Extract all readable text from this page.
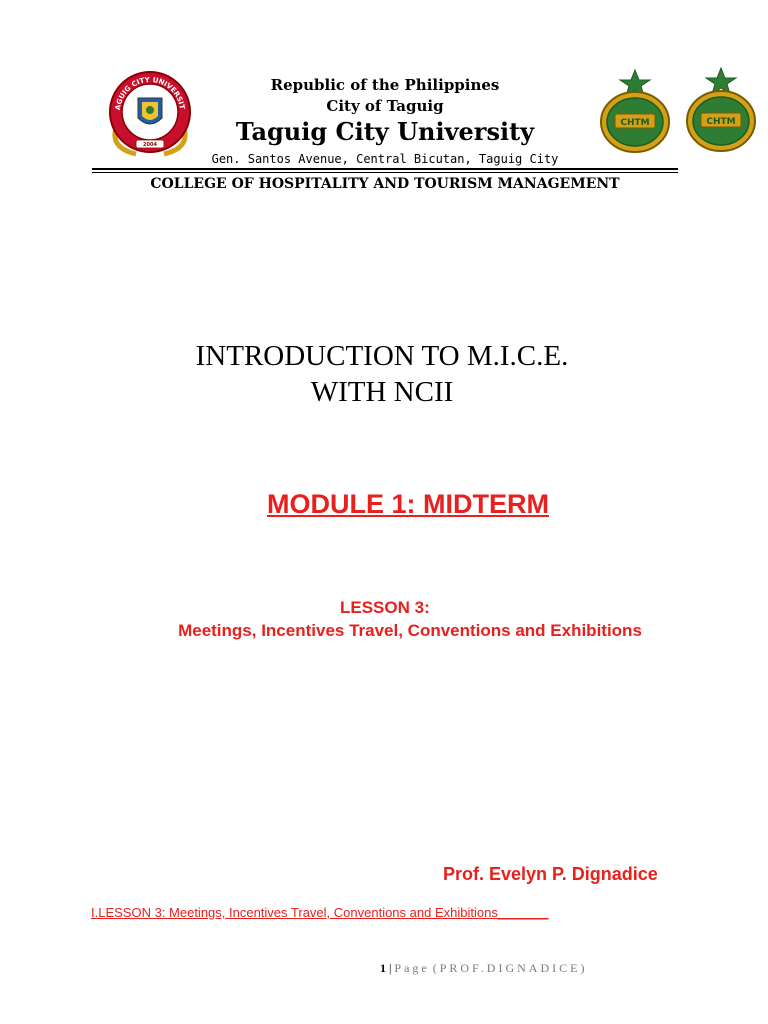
AGUIG CITY UNIVERSIT
2004
CHTM	CHTM
Republic of the Philippines
City of Taguig
Taguig City University
Gen. Santos Avenue, Central Bicutan, Taguig City
COLLEGE OF HOSPITALITY AND TOURISM MANAGEMENT
INTRODUCTION TO M.I.C.E.
WITH NCII
MODULE 1: MIDTERM
LESSON 3:
Meetings, Incentives Travel, Conventions and Exhibitions
Prof. Evelyn P. Dignadice
I.LESSON 3: Meetings, Incentives Travel, Conventions and Exhibitions_______
1 | Page (PROF.DIGNADICE)
